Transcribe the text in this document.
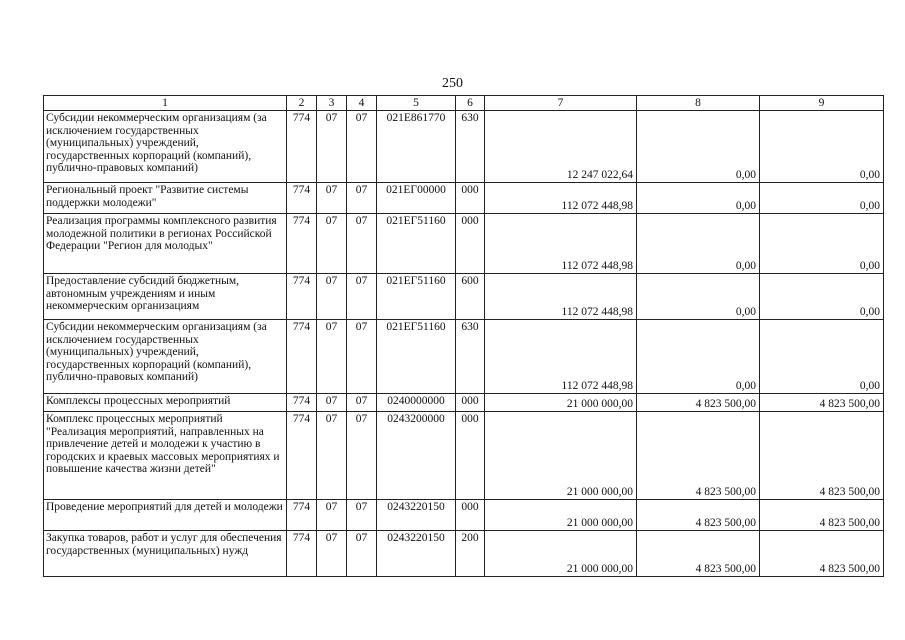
250
1	2	3	4	5	6	7	8	9
Субсидии некоммерческим организациям (за исключением государственных (муниципальных) учреждений, государственных корпораций (компаний), публично-правовых компаний)	774	07	07	021E861770	630	12 247 022,64	0,00	0,00
Региональный проект "Развитие системы поддержки молодежи"	774	07	07	021ЕГ00000	000	112 072 448,98	0,00	0,00
Реализация программы комплексного развития молодежной политики в регионах Российской Федерации "Регион для молодых"	774	07	07	021ЕГ51160	000	112 072 448,98	0,00	0,00
Предоставление субсидий бюджетным, автономным учреждениям и иным некоммерческим организациям	774	07	07	021ЕГ51160	600	112 072 448,98	0,00	0,00
Субсидии некоммерческим организациям (за исключением государственных (муниципальных) учреждений, государственных корпораций (компаний), публично-правовых компаний)	774	07	07	021ЕГ51160	630	112 072 448,98	0,00	0,00
Комплексы процессных мероприятий	774	07	07	0240000000	000	21 000 000,00	4 823 500,00	4 823 500,00
Комплекс процессных мероприятий "Реализация мероприятий, направленных на привлечение детей и молодежи к участию в городских и краевых массовых мероприятиях и повышение качества жизни детей"	774	07	07	0243200000	000	21 000 000,00	4 823 500,00	4 823 500,00
Проведение мероприятий для детей и молодежи	774	07	07	0243220150	000	21 000 000,00	4 823 500,00	4 823 500,00
Закупка товаров, работ и услуг для обеспечения государственных (муниципальных) нужд	774	07	07	0243220150	200	21 000 000,00	4 823 500,00	4 823 500,00
